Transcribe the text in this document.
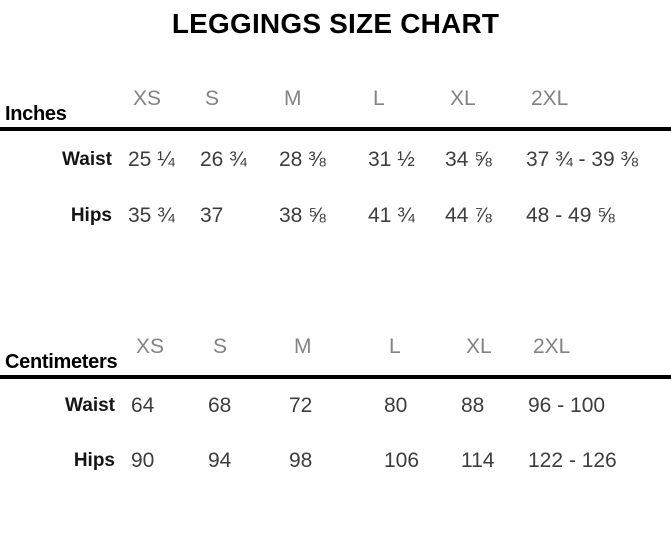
LEGGINGS SIZE CHART
Inches
XS	S	M	L	XL	2XL
Waist 25 ¼	26 ¾	28 ⅜	31 ½	34 ⅝	37 ¾ - 39 ⅜
Hips 35 ¾	37	38 ⅝	41 ¾	44 ⅞	48 - 49 ⅝
Centimeters
XS	S	M	L	XL	2XL
Waist 64	68	72	80	88	96 - 100
Hips 90	94	98	106	114	122 - 126
